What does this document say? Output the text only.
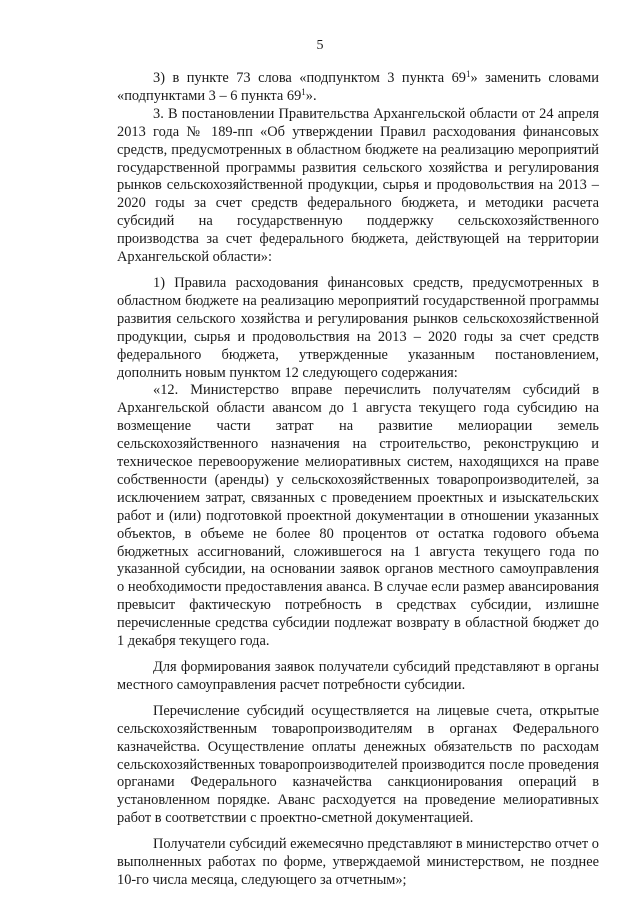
5

3) в пункте 73 слова «подпунктом 3 пункта $69^1$» заменить словами «подпунктами 3 – 6 пункта $69^1$».

3. В постановлении Правительства Архангельской области от 24 апреля 2013 года № 189-пп «Об утверждении Правил расходования финансовых средств, предусмотренных в областном бюджете на реализацию мероприятий государственной программы развития сельского хозяйства и регулирования рынков сельскохозяйственной продукции, сырья и продовольствия на 2013 – 2020 годы за счет средств федерального бюджета, и методики расчета субсидий на государственную поддержку сельскохозяйственного производства за счет федерального бюджета, действующей на территории Архангельской области»:

1) Правила расходования финансовых средств, предусмотренных в областном бюджете на реализацию мероприятий государственной программы развития сельского хозяйства и регулирования рынков сельскохозяйственной продукции, сырья и продовольствия на 2013 – 2020 годы за счет средств федерального бюджета, утвержденные указанным постановлением, дополнить новым пунктом 12 следующего содержания:

«12. Министерство вправе перечислить получателям субсидий в Архангельской области авансом до 1 августа текущего года субсидию на возмещение части затрат на развитие мелиорации земель сельскохозяйственного назначения на строительство, реконструкцию и техническое перевооружение мелиоративных систем, находящихся на праве собственности (аренды) у сельскохозяйственных товаропроизводителей, за исключением затрат, связанных с проведением проектных и изыскательских работ и (или) подготовкой проектной документации в отношении указанных объектов, в объеме не более 80 процентов от остатка годового объема бюджетных ассигнований, сложившегося на 1 августа текущего года по указанной субсидии, на основании заявок органов местного самоуправления о необходимости предоставления аванса. В случае если размер авансирования превысит фактическую потребность в средствах субсидии, излишне перечисленные средства субсидии подлежат возврату в областной бюджет до 1 декабря текущего года.

Для формирования заявок получатели субсидий представляют в органы местного самоуправления расчет потребности субсидии.

Перечисление субсидий осуществляется на лицевые счета, открытые сельскохозяйственным товаропроизводителям в органах Федерального казначейства. Осуществление оплаты денежных обязательств по расходам сельскохозяйственных товаропроизводителей производится после проведения органами Федерального казначейства санкционирования операций в установленном порядке. Аванс расходуется на проведение мелиоративных работ в соответствии с проектно-сметной документацией.

Получатели субсидий ежемесячно представляют в министерство отчет о выполненных работах по форме, утверждаемой министерством, не позднее 10-го числа месяца, следующего за отчетным»;
